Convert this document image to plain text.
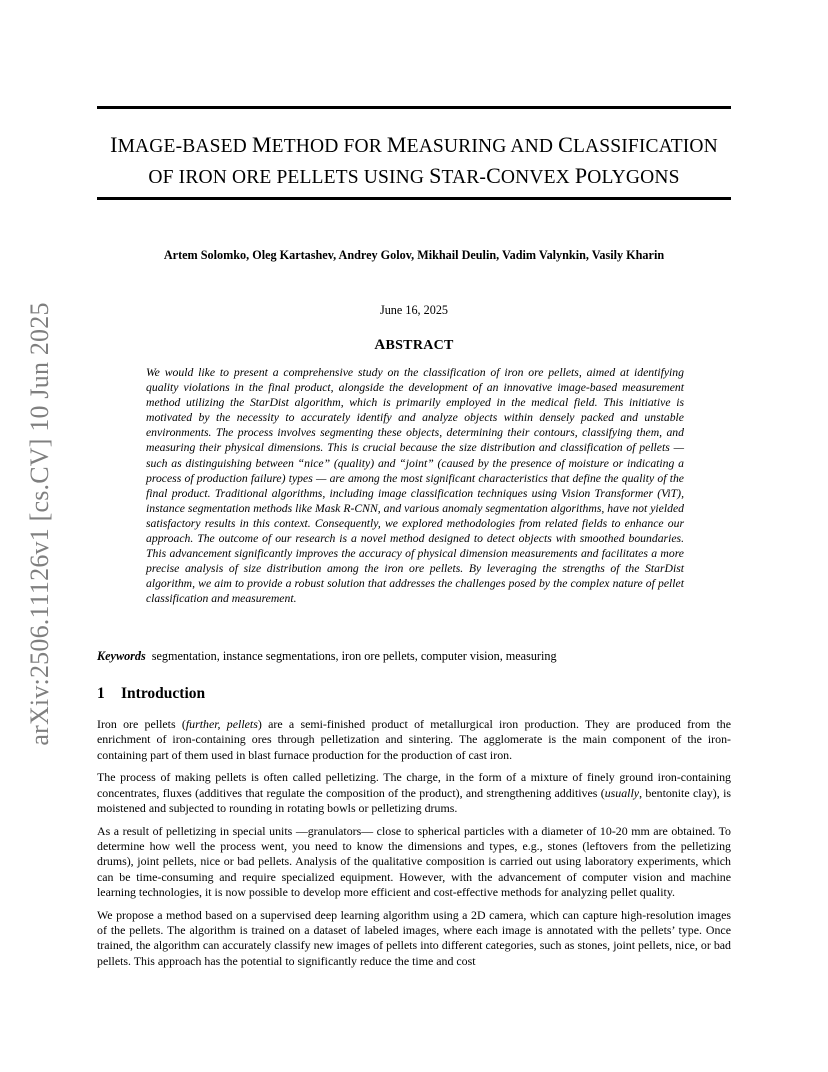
arXiv:2506.11126v1 [cs.CV] 10 Jun 2025
IMAGE-BASED METHOD FOR MEASURING AND CLASSIFICATION
OF IRON ORE PELLETS USING STAR-CONVEX POLYGONS
Artem Solomko, Oleg Kartashev, Andrey Golov, Mikhail Deulin, Vadim Valynkin, Vasily Kharin
June 16, 2025
ABSTRACT

We would like to present a comprehensive study on the classification of iron ore pellets, aimed at identifying quality violations in the final product, alongside the development of an innovative image-based measurement method utilizing the StarDist algorithm, which is primarily employed in the medical field. This initiative is motivated by the necessity to accurately identify and analyze objects within densely packed and unstable environments. The process involves segmenting these objects, determining their contours, classifying them, and measuring their physical dimensions. This is crucial because the size distribution and classification of pellets — such as distinguishing between “nice” (quality) and “joint” (caused by the presence of moisture or indicating a process of production failure) types — are among the most significant characteristics that define the quality of the final product. Traditional algorithms, including image classification techniques using Vision Transformer (ViT), instance segmentation methods like Mask R-CNN, and various anomaly segmentation algorithms, have not yielded satisfactory results in this context. Consequently, we explored methodologies from related fields to enhance our approach. The outcome of our research is a novel method designed to detect objects with smoothed boundaries. This advancement significantly improves the accuracy of physical dimension measurements and facilitates a more precise analysis of size distribution among the iron ore pellets. By leveraging the strengths of the StarDist algorithm, we aim to provide a robust solution that addresses the challenges posed by the complex nature of pellet classification and measurement.

Keywords segmentation, instance segmentations, iron ore pellets, computer vision, measuring
1 Introduction

Iron ore pellets (further, pellets) are a semi-finished product of metallurgical iron production. They are produced from the enrichment of iron-containing ores through pelletization and sintering. The agglomerate is the main component of the iron-containing part of them used in blast furnace production for the production of cast iron.

The process of making pellets is often called pelletizing. The charge, in the form of a mixture of finely ground iron-containing concentrates, fluxes (additives that regulate the composition of the product), and strengthening additives (usually, bentonite clay), is moistened and subjected to rounding in rotating bowls or pelletizing drums.

As a result of pelletizing in special units —granulators— close to spherical particles with a diameter of 10-20 mm are obtained. To determine how well the process went, you need to know the dimensions and types, e.g., stones (leftovers from the pelletizing drums), joint pellets, nice or bad pellets. Analysis of the qualitative composition is carried out using laboratory experiments, which can be time-consuming and require specialized equipment. However, with the advancement of computer vision and machine learning technologies, it is now possible to develop more efficient and cost-effective methods for analyzing pellet quality.

We propose a method based on a supervised deep learning algorithm using a 2D camera, which can capture high-resolution images of the pellets. The algorithm is trained on a dataset of labeled images, where each image is annotated with the pellets’ type. Once trained, the algorithm can accurately classify new images of pellets into different categories, such as stones, joint pellets, nice, or bad pellets. This approach has the potential to significantly reduce the time and cost
